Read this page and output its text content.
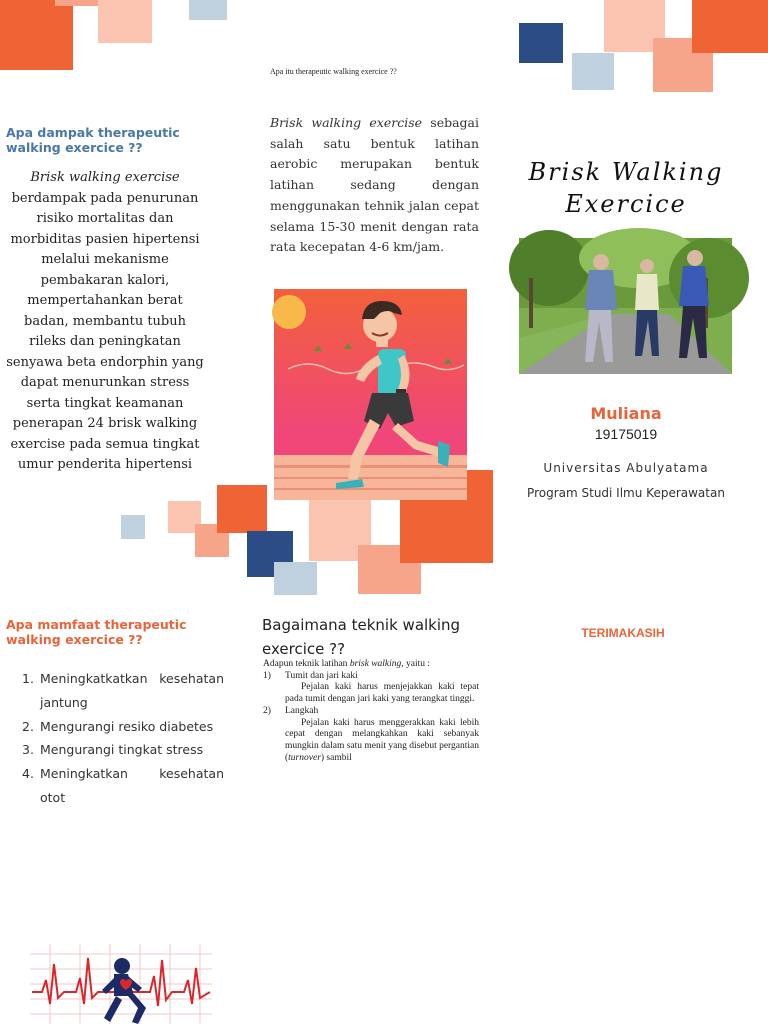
Apa dampak therapeutic walking exercice ??
Brisk walking exercise berdampak pada penurunan risiko mortalitas dan morbiditas pasien hipertensi melalui mekanisme pembakaran kalori, mempertahankan berat badan, membantu tubuh rileks dan peningkatan senyawa beta endorphin yang dapat menurunkan stress serta tingkat keamanan penerapan 24 brisk walking exercise pada semua tingkat umur penderita hipertensi
Apa itu therapeutic walking exercice ??
Brisk walking exercise sebagai salah satu bentuk latihan aerobic merupakan bentuk latihan sedang dengan menggunakan tehnik jalan cepat selama 15-30 menit dengan rata rata kecepatan 4-6 km/jam.
Brisk Walking Exercice
Muliana
19175019
Universitas Abulyatama
Program Studi Ilmu Keperawatan
Apa mamfaat therapeutic walking exercice ??
1. Meningkatkatkan kesehatan
jantung
2. Mengurangi resiko diabetes
3. Mengurangi tingkat stress
4. Meningkatkan kesehatan
otot
Bagaimana teknik walking exercice ??
Adapun teknik latihan brisk walking, yaitu :
1) Tumit dan jari kaki
Pejalan kaki harus menjejakkan kaki tepat pada tumit dengan jari kaki yang terangkat tinggi.
2) Langkah
Pejalan kaki harus menggerakkan kaki lebih cepat dengan melangkahkan kaki sebanyak mungkin dalam satu menit yang disebut pergantian (turnover) sambil
TERIMAKASIH
